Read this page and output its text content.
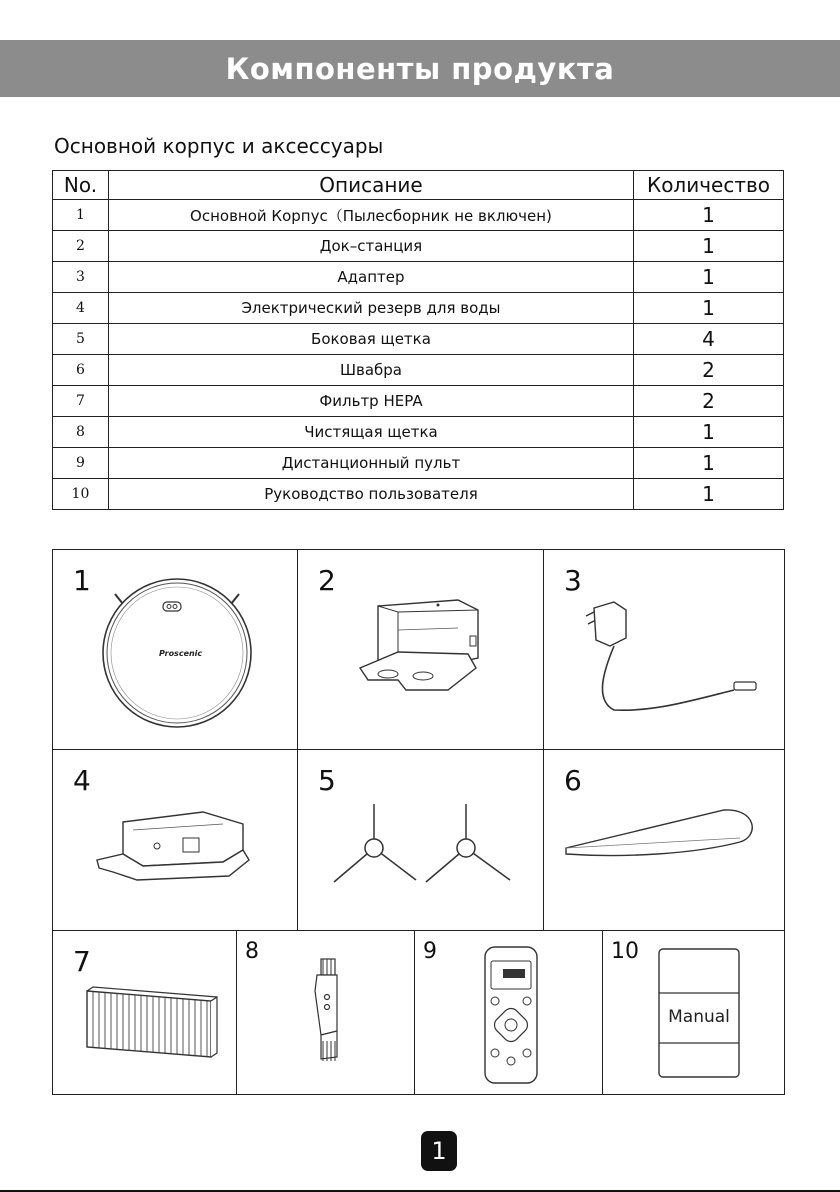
Компоненты продукта
Основной корпус и аксессуары
No.	Описание	Количество
1	Основной Корпус（Пылесборник не включен)	1
2	Док–станция	1
3	Адаптер	1
4	Электрический резерв для воды	1
5	Боковая щетка	4
6	Швабра	2
7	Фильтр HEPA	2
8	Чистящая щетка	1
9	Дистанционный пульт	1
10	Руководство пользователя	1
1
Proscenic
2	3
4	5	6
7	8	9	10
Manual
1
